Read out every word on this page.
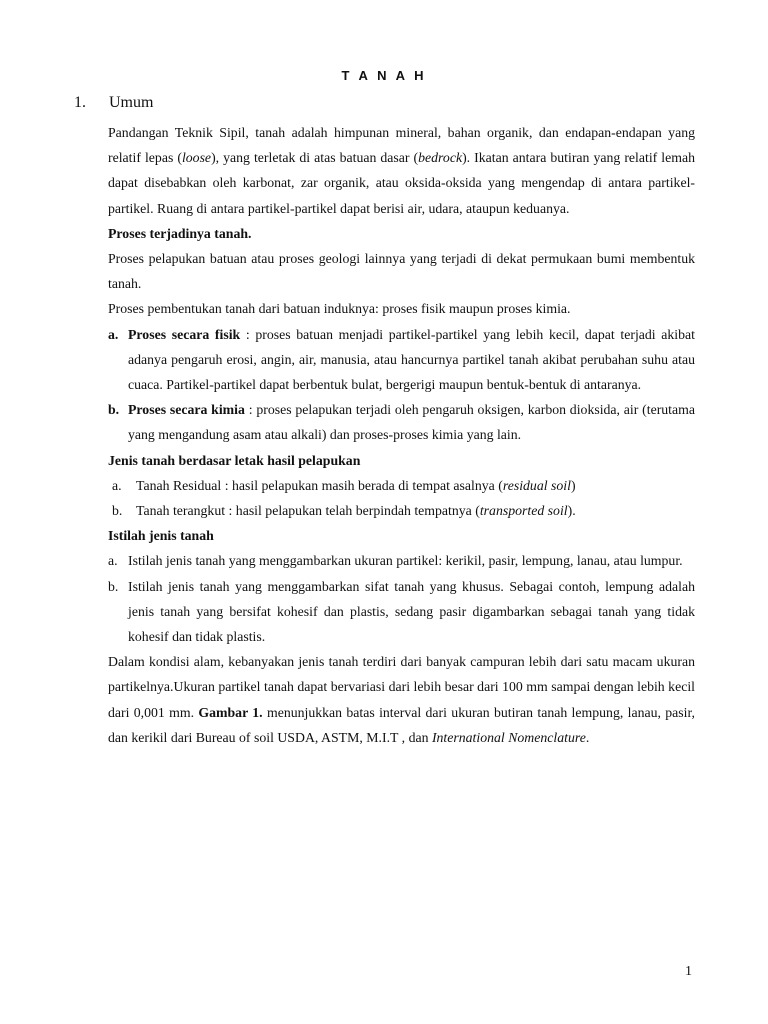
T A N A H
1. Umum

Pandangan Teknik Sipil, tanah adalah himpunan mineral, bahan organik, dan endapan-endapan yang relatif lepas (loose), yang terletak di atas batuan dasar (bedrock). Ikatan antara butiran yang relatif lemah dapat disebabkan oleh karbonat, zar organik, atau oksida-oksida yang mengendap di antara partikel-partikel. Ruang di antara partikel-partikel dapat berisi air, udara, ataupun keduanya.

Proses terjadinya tanah.

Proses pelapukan batuan atau proses geologi lainnya yang terjadi di dekat permukaan bumi membentuk tanah.

Proses pembentukan tanah dari batuan induknya: proses fisik maupun proses kimia.

a. Proses secara fisik : proses batuan menjadi partikel-partikel yang lebih kecil, dapat terjadi akibat adanya pengaruh erosi, angin, air, manusia, atau hancurnya partikel tanah akibat perubahan suhu atau cuaca. Partikel-partikel dapat berbentuk bulat, bergerigi maupun bentuk-bentuk di antaranya.

b. Proses secara kimia : proses pelapukan terjadi oleh pengaruh oksigen, karbon dioksida, air (terutama yang mengandung asam atau alkali) dan proses-proses kimia yang lain.

Jenis tanah berdasar letak hasil pelapukan

a. Tanah Residual : hasil pelapukan masih berada di tempat asalnya (residual soil)

b. Tanah terangkut : hasil pelapukan telah berpindah tempatnya (transported soil).

Istilah jenis tanah

a. Istilah jenis tanah yang menggambarkan ukuran partikel: kerikil, pasir, lempung, lanau, atau lumpur.

b. Istilah jenis tanah yang menggambarkan sifat tanah yang khusus. Sebagai contoh, lempung adalah jenis tanah yang bersifat kohesif dan plastis, sedang pasir digambarkan sebagai tanah yang tidak kohesif dan tidak plastis.

Dalam kondisi alam, kebanyakan jenis tanah terdiri dari banyak campuran lebih dari satu macam ukuran partikelnya.Ukuran partikel tanah dapat bervariasi dari lebih besar dari 100 mm sampai dengan lebih kecil dari 0,001 mm. Gambar 1. menunjukkan batas interval dari ukuran butiran tanah lempung, lanau, pasir, dan kerikil dari Bureau of soil USDA, ASTM, M.I.T , dan International Nomenclature.

1
